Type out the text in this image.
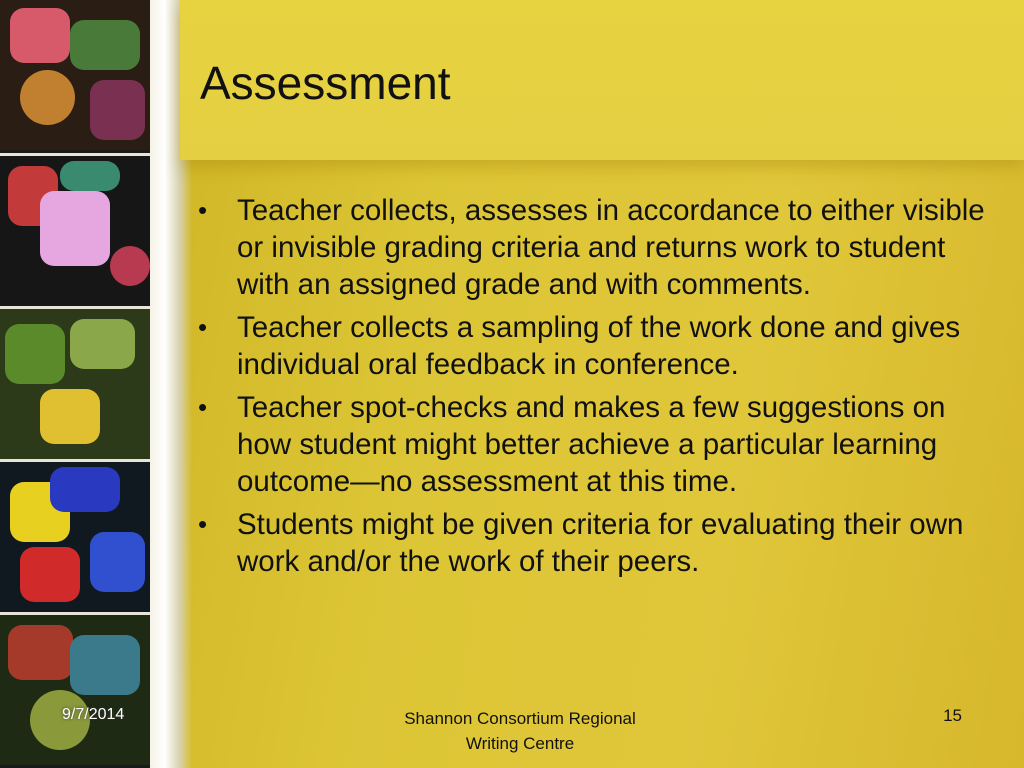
Assessment
• Teacher collects, assesses in accordance to either visible or invisible grading criteria and returns work to student with an assigned grade and with comments.
• Teacher collects a sampling of the work done and gives individual oral feedback in conference.
• Teacher spot-checks and makes a few suggestions on how student might better achieve a particular learning outcome—no assessment at this time.
• Students might be given criteria for evaluating their own work and/or the work of their peers.
9/7/2014	Shannon Consortium Regional
Writing Centre
15
